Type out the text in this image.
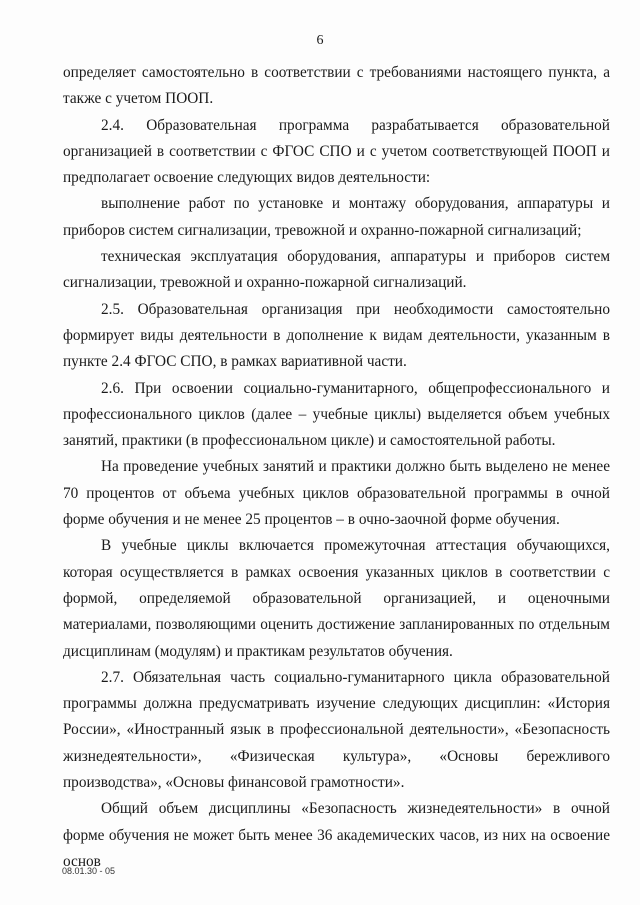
6

определяет самостоятельно в соответствии с требованиями настоящего пункта, а также с учетом ПООП.

2.4. Образовательная программа разрабатывается образовательной организацией в соответствии с ФГОС СПО и с учетом соответствующей ПООП и предполагает освоение следующих видов деятельности:

выполнение работ по установке и монтажу оборудования, аппаратуры и приборов систем сигнализации, тревожной и охранно-пожарной сигнализаций;

техническая эксплуатация оборудования, аппаратуры и приборов систем сигнализации, тревожной и охранно-пожарной сигнализаций.

2.5. Образовательная организация при необходимости самостоятельно формирует виды деятельности в дополнение к видам деятельности, указанным в пункте 2.4 ФГОС СПО, в рамках вариативной части.

2.6. При освоении социально-гуманитарного, общепрофессионального и профессионального циклов (далее – учебные циклы) выделяется объем учебных занятий, практики (в профессиональном цикле) и самостоятельной работы.

На проведение учебных занятий и практики должно быть выделено не менее 70 процентов от объема учебных циклов образовательной программы в очной форме обучения и не менее 25 процентов – в очно-заочной форме обучения.

В учебные циклы включается промежуточная аттестация обучающихся, которая осуществляется в рамках освоения указанных циклов в соответствии с формой, определяемой образовательной организацией, и оценочными материалами, позволяющими оценить достижение запланированных по отдельным дисциплинам (модулям) и практикам результатов обучения.

2.7. Обязательная часть социально-гуманитарного цикла образовательной программы должна предусматривать изучение следующих дисциплин: «История России», «Иностранный язык в профессиональной деятельности», «Безопасность жизнедеятельности», «Физическая культура», «Основы бережливого производства», «Основы финансовой грамотности».

Общий объем дисциплины «Безопасность жизнедеятельности» в очной форме обучения не может быть менее 36 академических часов, из них на освоение основ

08.01.30 - 05
